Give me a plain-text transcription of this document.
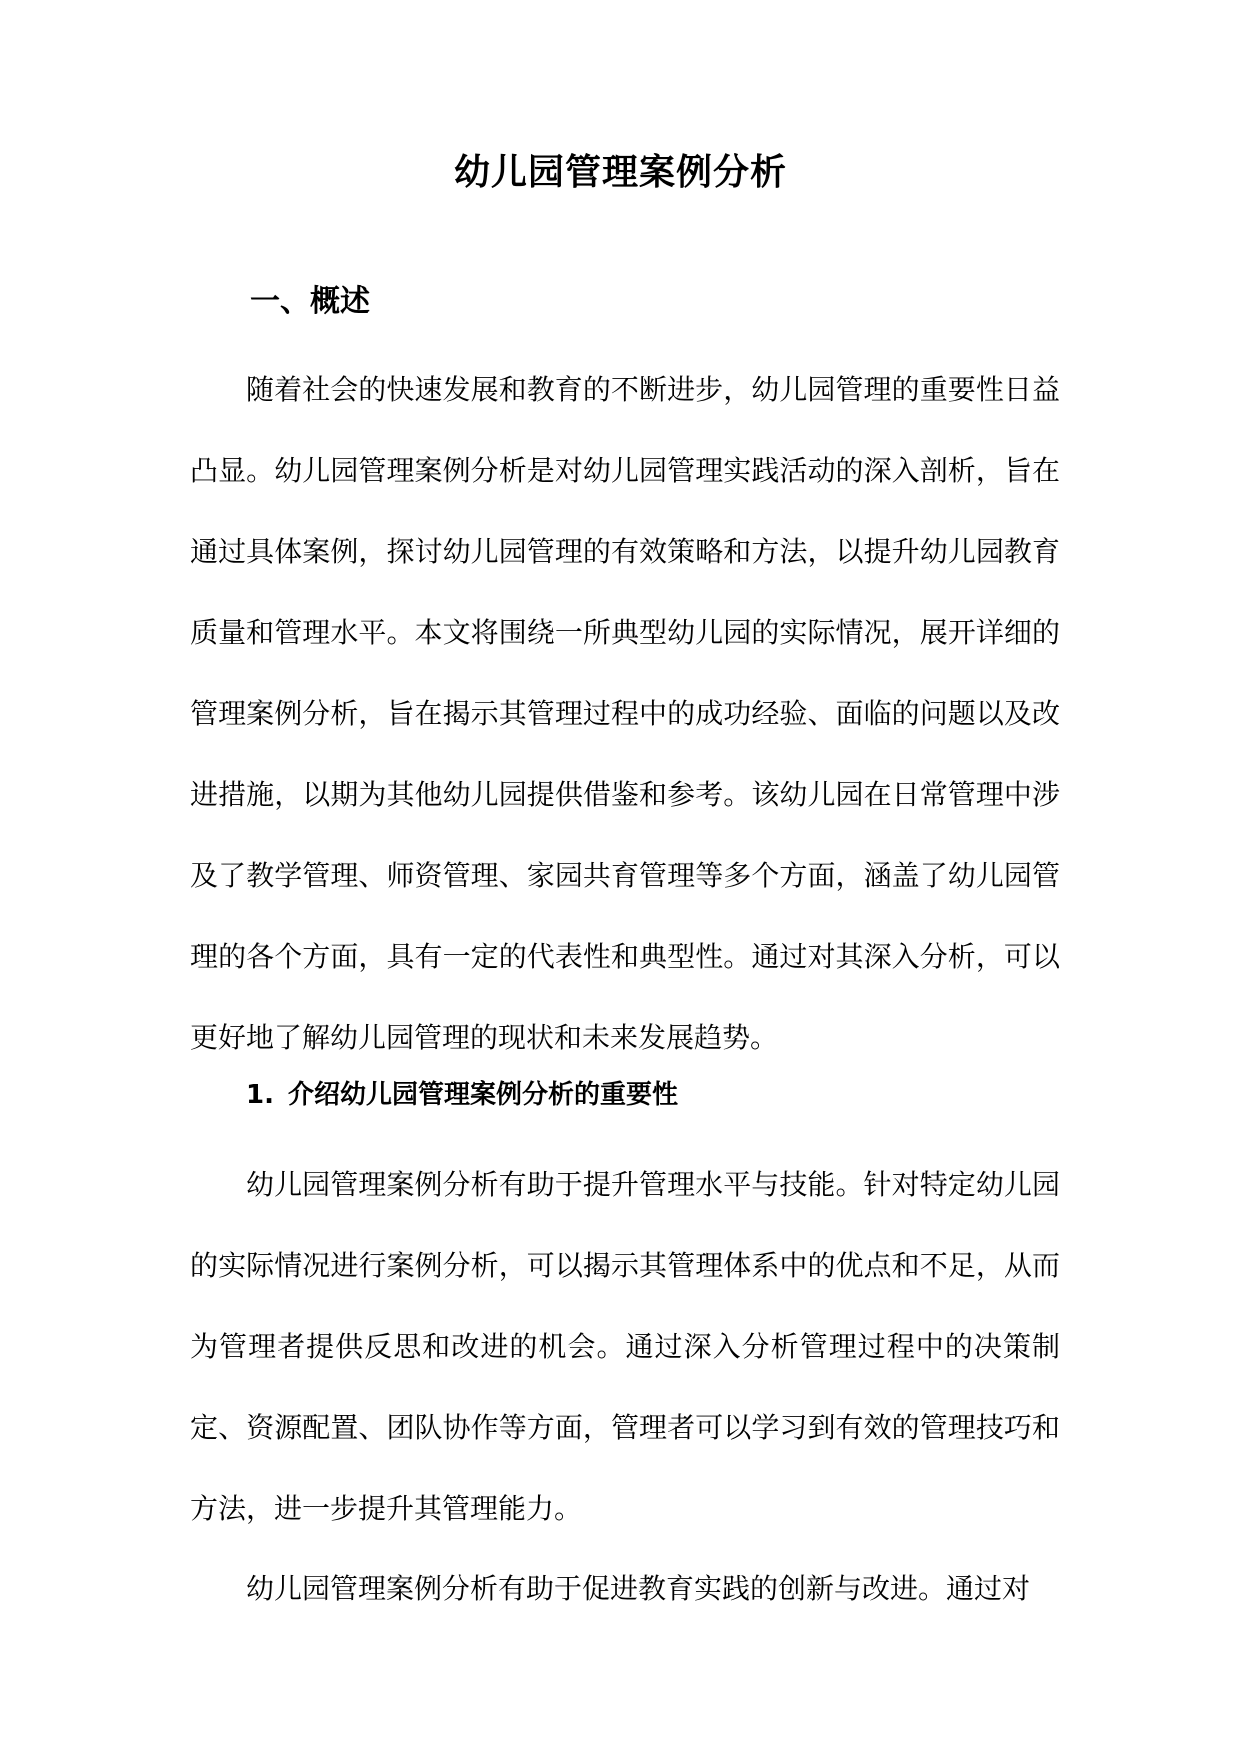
幼儿园管理案例分析
一、概述

随着社会的快速发展和教育的不断进步，幼儿园管理的重要性日益凸显。幼儿园管理案例分析是对幼儿园管理实践活动的深入剖析，旨在通过具体案例，探讨幼儿园管理的有效策略和方法，以提升幼儿园教育质量和管理水平。本文将围绕一所典型幼儿园的实际情况，展开详细的管理案例分析，旨在揭示其管理过程中的成功经验、面临的问题以及改进措施，以期为其他幼儿园提供借鉴和参考。该幼儿园在日常管理中涉及了教学管理、师资管理、家园共育管理等多个方面，涵盖了幼儿园管理的各个方面，具有一定的代表性和典型性。通过对其深入分析，可以更好地了解幼儿园管理的现状和未来发展趋势。

1. 介绍幼儿园管理案例分析的重要性

幼儿园管理案例分析有助于提升管理水平与技能。针对特定幼儿园的实际情况进行案例分析，可以揭示其管理体系中的优点和不足，从而为管理者提供反思和改进的机会。通过深入分析管理过程中的决策制定、资源配置、团队协作等方面，管理者可以学习到有效的管理技巧和方法，进一步提升其管理能力。

幼儿园管理案例分析有助于促进教育实践的创新与改进。通过对
